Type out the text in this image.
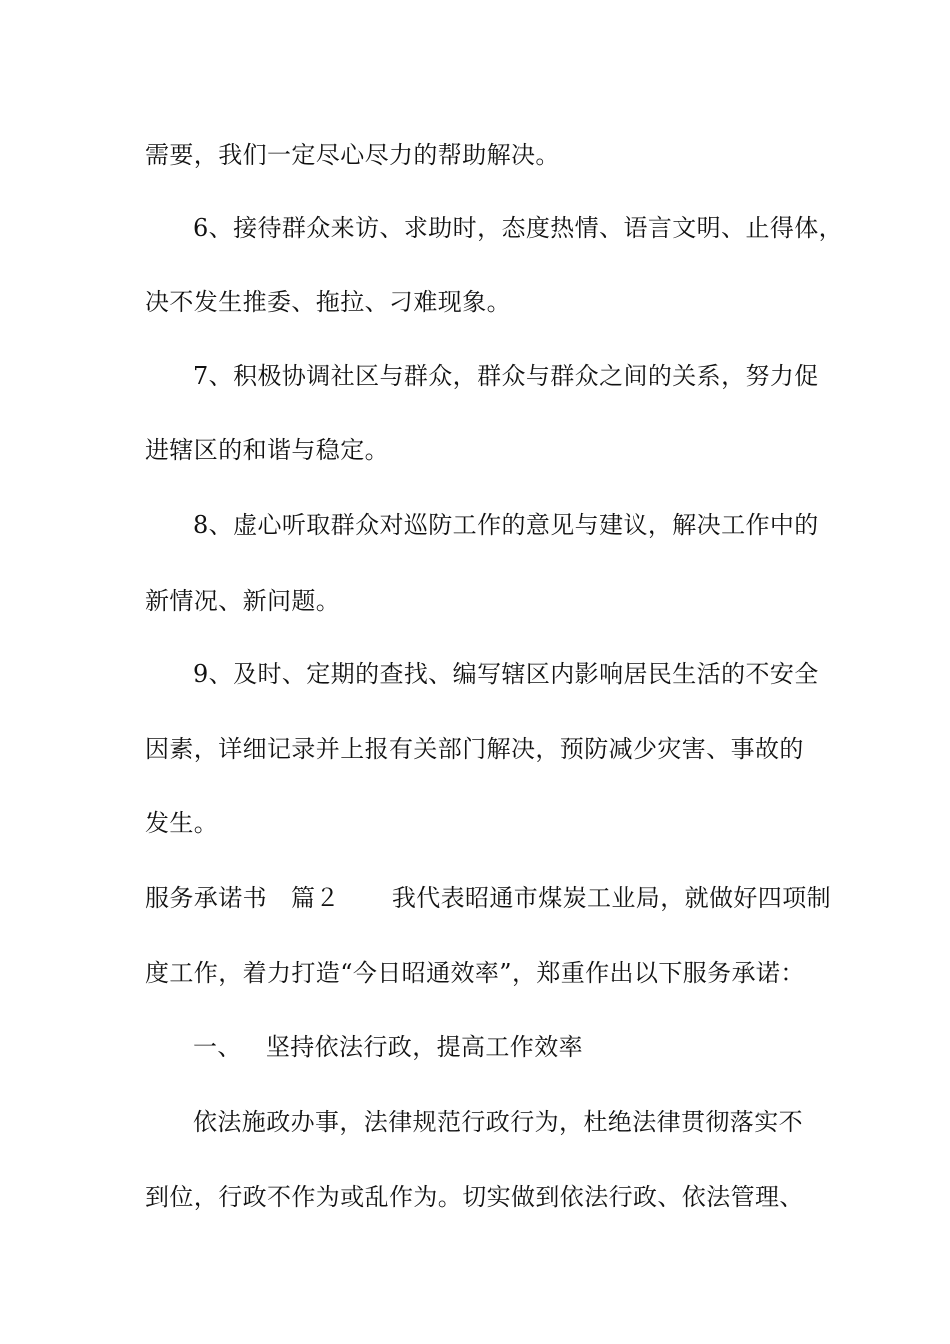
需要，我们一定尽心尽力的帮助解决。
6、接待群众来访、求助时，态度热情、语言文明、止得体，
决不发生推委、拖拉、刁难现象。
7、积极协调社区与群众，群众与群众之间的关系，努力促
进辖区的和谐与稳定。
8、虚心听取群众对巡防工作的意见与建议，解决工作中的
新情况、新问题。
9、及时、定期的查找、编写辖区内影响居民生活的不安全
因素，详细记录并上报有关部门解决，预防减少灾害、事故的
发生。
服务承诺书 篇２ 我代表昭通市煤炭工业局，就做好四项制
度工作，着力打造“今日昭通效率”，郑重作出以下服务承诺：
一、 坚持依法行政，提高工作效率
依法施政办事，法律规范行政行为，杜绝法律贯彻落实不
到位，行政不作为或乱作为。切实做到依法行政、依法管理、
